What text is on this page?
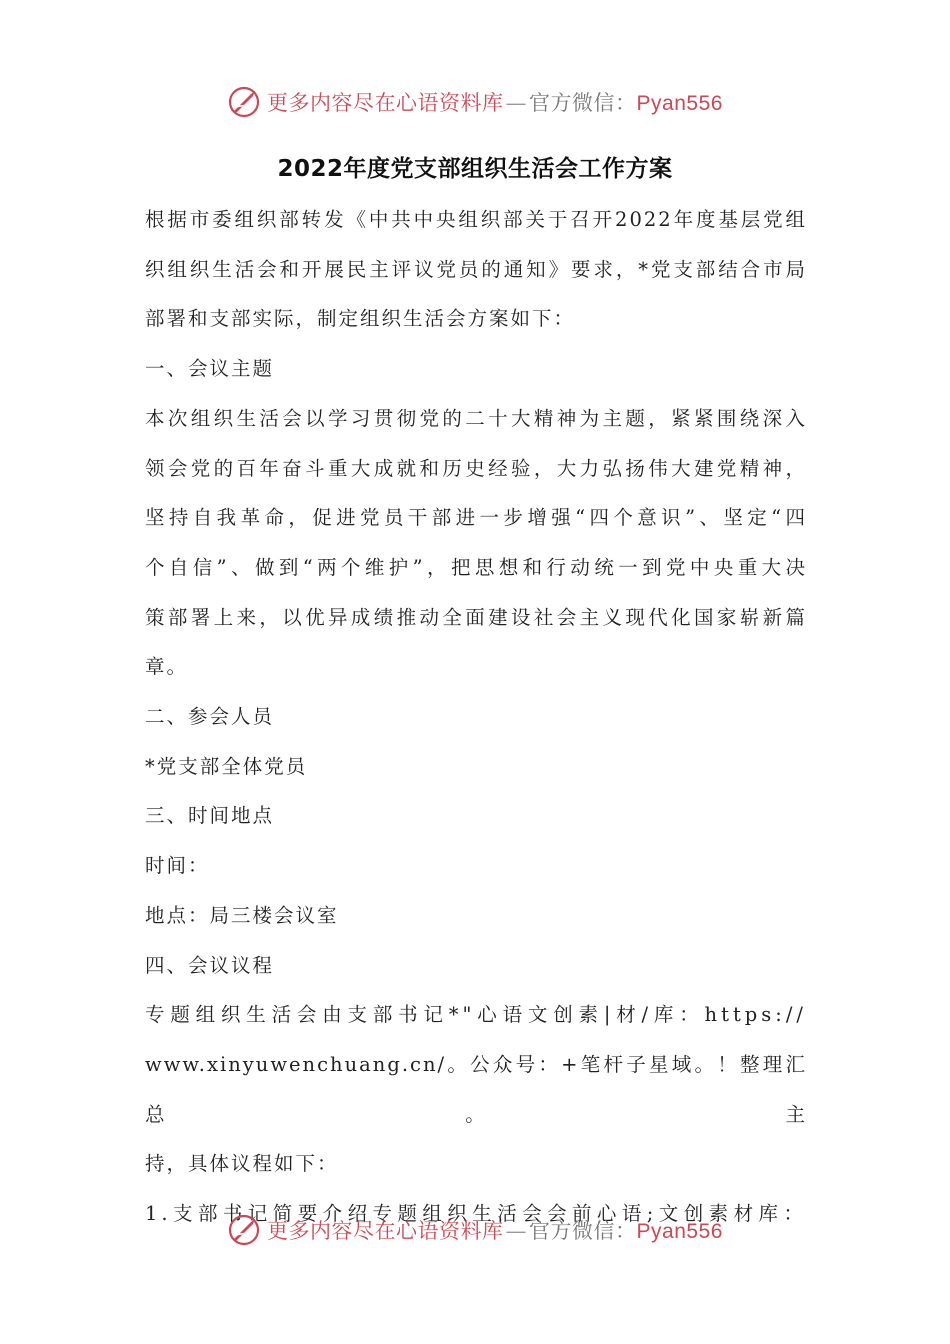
更多内容尽在心语资料库—官方微信：Pyan556
2022年度党支部组织生活会工作方案

根据市委组织部转发《中共中央组织部关于召开2022年度基层党组

织组织生活会和开展民主评议党员的通知》要求，*党支部结合市局

部署和支部实际，制定组织生活会方案如下：

一、会议主题

本次组织生活会以学习贯彻党的二十大精神为主题，紧紧围绕深入

领会党的百年奋斗重大成就和历史经验，大力弘扬伟大建党精神，

坚持自我革命，促进党员干部进一步增强“四个意识”、坚定“四

个自信”、做到“两个维护”，把思想和行动统一到党中央重大决

策部署上来，以优异成绩推动全面建设社会主义现代化国家崭新篇

章。

二、参会人员

*党支部全体党员

三、时间地点

时间：

地点：局三楼会议室

四、会议议程

专题组织生活会由支部书记*"心语文创素|材/库：https://

www.xinyuwenchuang.cn/。公众号：+笔杆子星域。！整理汇总。主

持，具体议程如下：

1.支部书记简要介绍专题组织生活会会前心语;文创素材库：

更多内容尽在心语资料库—官方微信：Pyan556
